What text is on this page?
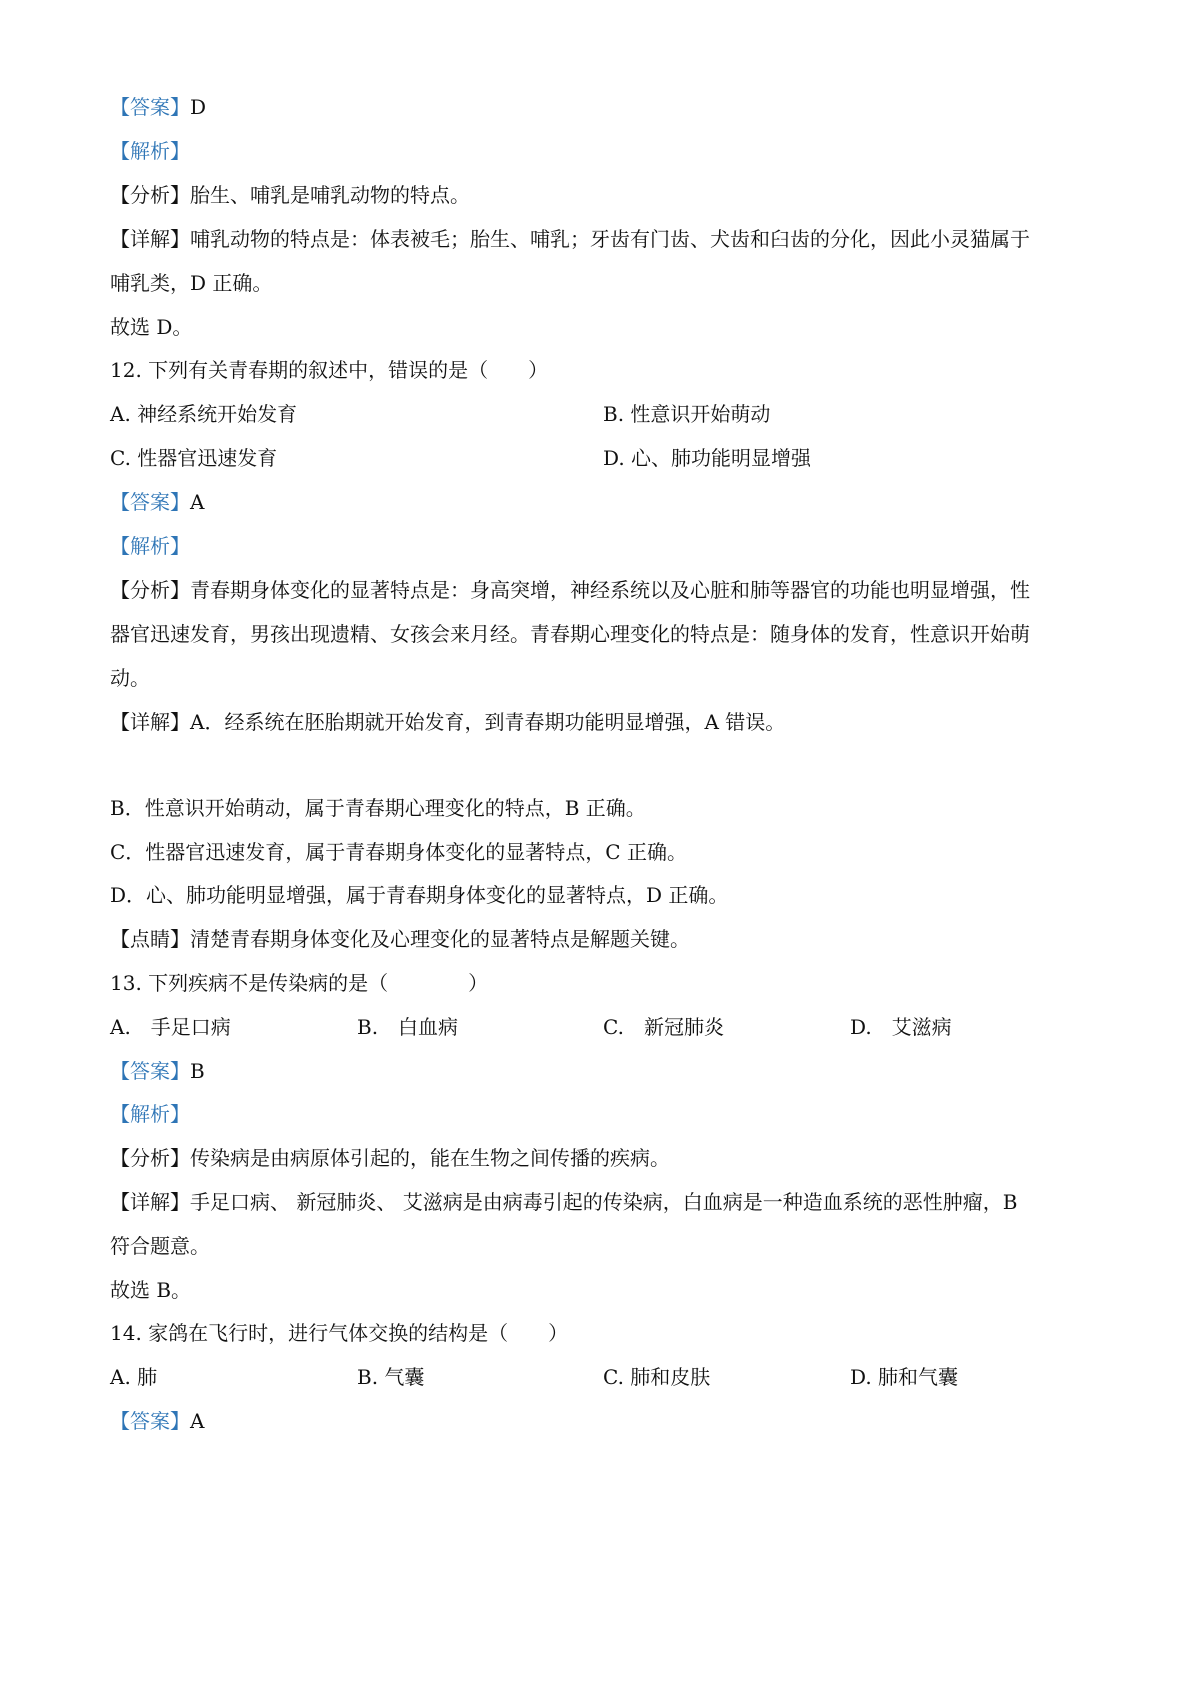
【答案】D
【解析】
【分析】胎生、哺乳是哺乳动物的特点。
【详解】哺乳动物的特点是：体表被毛；胎生、哺乳；牙齿有门齿、犬齿和臼齿的分化，因此小灵猫属于
哺乳类，D 正确。
故选 D。
12. 下列有关青春期的叙述中，错误的是（　　）
A. 神经系统开始发育	B. 性意识开始萌动
C. 性器官迅速发育	D. 心、肺功能明显增强
【答案】A
【解析】
【分析】青春期身体变化的显著特点是：身高突增，神经系统以及心脏和肺等器官的功能也明显增强，性
器官迅速发育，男孩出现遗精、女孩会来月经。青春期心理变化的特点是：随身体的发育，性意识开始萌
动。
【详解】A．经系统在胚胎期就开始发育，到青春期功能明显增强，A 错误。
B．性意识开始萌动，属于青春期心理变化的特点，B 正确。
C．性器官迅速发育，属于青春期身体变化的显著特点，C 正确。
D．心、肺功能明显增强，属于青春期身体变化的显著特点，D 正确。
【点睛】清楚青春期身体变化及心理变化的显著特点是解题关键。
13. 下列疾病不是传染病的是（　　　　）
A.　手足口病	B.　白血病	C.　新冠肺炎	D.　艾滋病
【答案】B
【解析】
【分析】传染病是由病原体引起的，能在生物之间传播的疾病。
【详解】手足口病、 新冠肺炎、 艾滋病是由病毒引起的传染病，白血病是一种造血系统的恶性肿瘤，B
符合题意。
故选 B。
14. 家鸽在飞行时，进行气体交换的结构是（　　）
A. 肺	B. 气囊	C. 肺和皮肤	D. 肺和气囊
【答案】A
